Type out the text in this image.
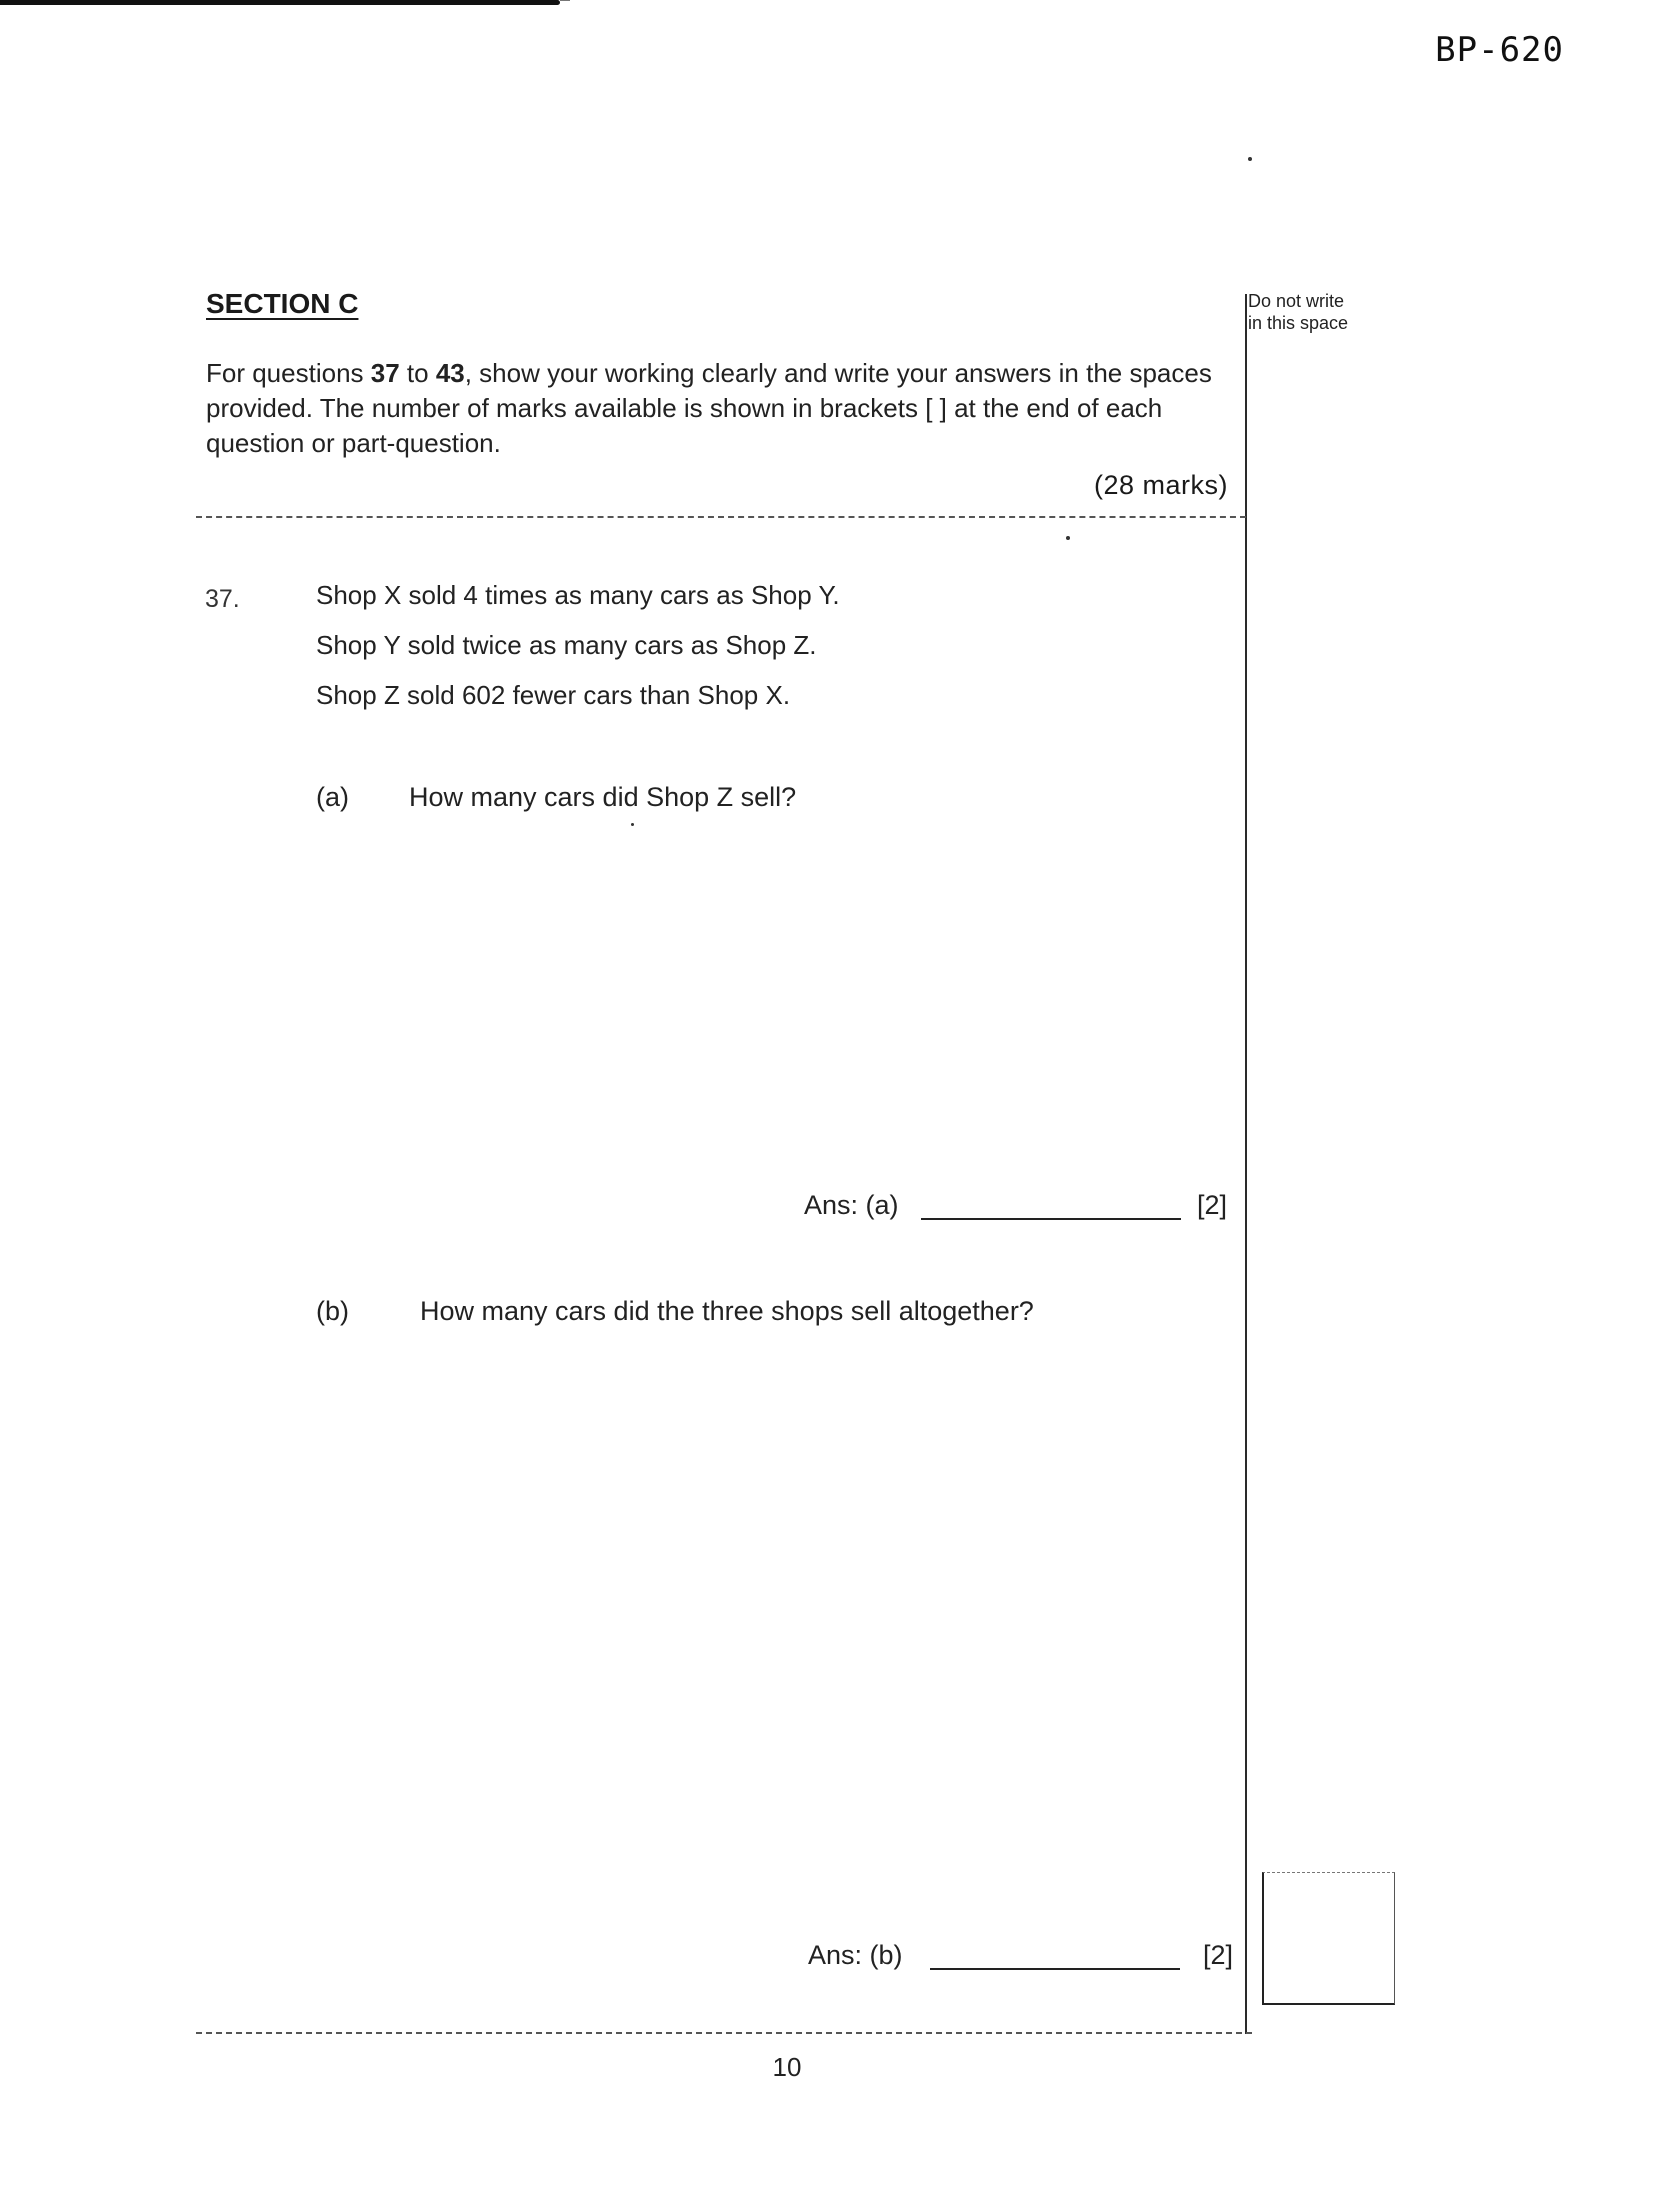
BP-620
SECTION C
For questions 37 to 43, show your working clearly and write your answers in the spaces provided. The number of marks available is shown in brackets [ ] at the end of each question or part-question.
(28 marks)
Do not write
in this space
37.	Shop X sold 4 times as many cars as Shop Y.
Shop Y sold twice as many cars as Shop Z.
Shop Z sold 602 fewer cars than Shop X.
(a) How many cars did Shop Z sell?
Ans: (a)	[2]
(b)	How many cars did the three shops sell altogether?
Ans: (b)	[2]
10
